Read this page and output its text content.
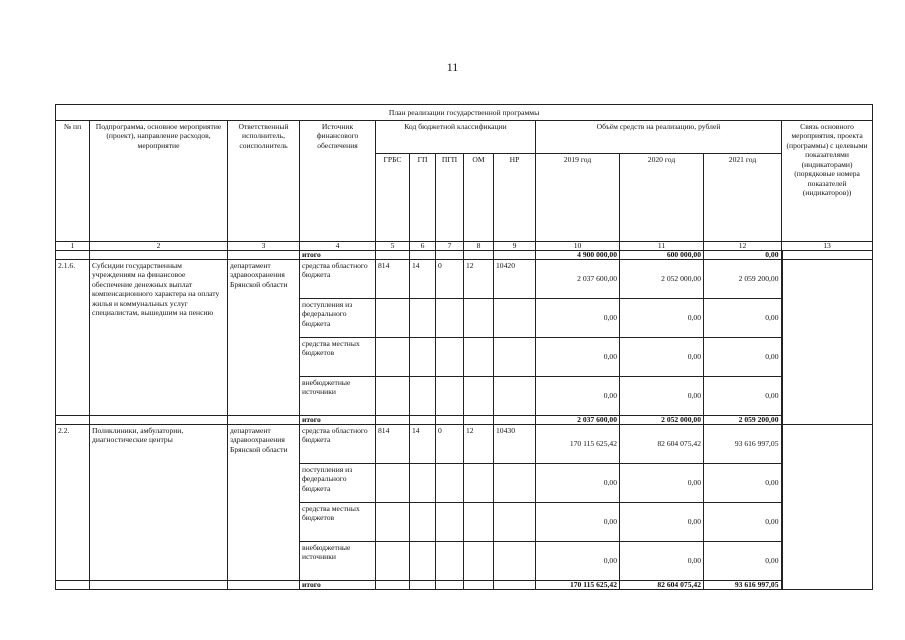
11
План реализации государственной программы												
№ пп	Подпрограмма, основное мероприятие (проект), направление расходов, мероприятие	Ответственный исполнитель, соисполнитель	Источник финансового обеспечения	Код бюджетной классификации					Объём средств на реализацию, рублей			Связь основного мероприятия, проекта (программы) с целевыми показателями (индикаторами) (порядковые номера показателей (индикаторов))
				ГРБС	ГП	ПГП	ОМ	НР	2019 год	2020 год	2021 год	
1	2	3	4	5	6	7	8	9	10	11	12	13
			итого						4 900 000,00	600 000,00	0,00	
2.1.6.	Субсидии государственным учреждениям на финансовое обеспечение денежных выплат компенсационного характера на оплату жилья и коммунальных услуг специалистам, вышедшим на пенсию	департамент здравоохранения Брянской области	средства областного бюджета	814	14	0	12	10420	2 037 600,00	2 052 000,00	2 059 200,00	
			поступления из федерального бюджета						0,00	0,00	0,00	
			средства местных бюджетов						0,00	0,00	0,00	
			внебюджетные источники						0,00	0,00	0,00	
			итого						2 037 600,00	2 052 000,00	2 059 200,00	
2.2.	Поликлиники, амбулатории, диагностические центры	департамент здравоохранения Брянской области	средства областного бюджета	814	14	0	12	10430	170 115 625,42	82 604 075,42	93 616 997,05	
			поступления из федерального бюджета						0,00	0,00	0,00	
			средства местных бюджетов						0,00	0,00	0,00	
			внебюджетные источники						0,00	0,00	0,00	
			итого						170 115 625,42	82 604 075,42	93 616 997,05	
